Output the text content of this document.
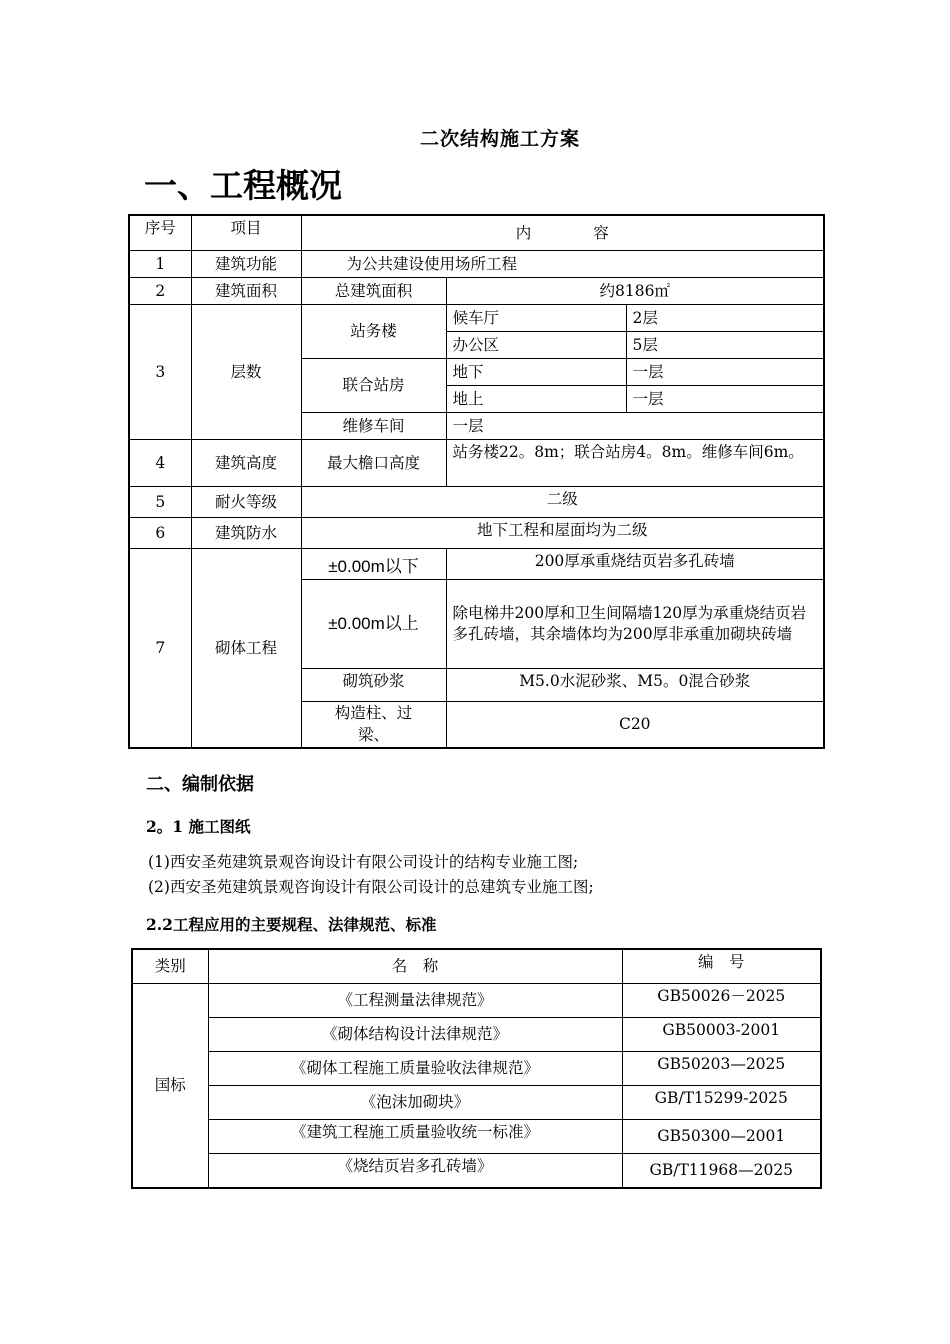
二次结构施工方案
一、工程概况
序号	项目	内　　　　容		
1	建筑功能	为公共建设使用场所工程		
2	建筑面积	总建筑面积	约8186㎡	
3	层数	站务楼	候车厅	2层
			办公区	5层
		联合站房	地下	一层
			地上	一层
		维修车间	一层	
4	建筑高度	最大檐口高度	站务楼22。8m；联合站房4。8m。维修车间6m。	
5	耐火等级	二级		
6	建筑防水	地下工程和屋面均为二级		
7	砌体工程	±0.00m以下	200厚承重烧结页岩多孔砖墙	
		±0.00m以上	除电梯井200厚和卫生间隔墙120厚为承重烧结页岩多孔砖墙，其余墙体均为200厚非承重加砌块砖墙	
		砌筑砂浆	M5.0水泥砂浆、M5。0混合砂浆	
		构造柱、过梁、	C20	
二、编制依据
2。1 施工图纸
(1)西安圣苑建筑景观咨询设计有限公司设计的结构专业施工图;
(2)西安圣苑建筑景观咨询设计有限公司设计的总建筑专业施工图;
2.2工程应用的主要规程、法律规范、标准
类别	名　称	编　号
国标	《工程测量法律规范》	GB50026－2025
	《砌体结构设计法律规范》	GB50003-2001
	《砌体工程施工质量验收法律规范》	GB50203—2025
	《泡沫加砌块》	GB/T15299-2025
	《建筑工程施工质量验收统一标准》	GB50300—2001
	《烧结页岩多孔砖墙》	GB/T11968—2025
